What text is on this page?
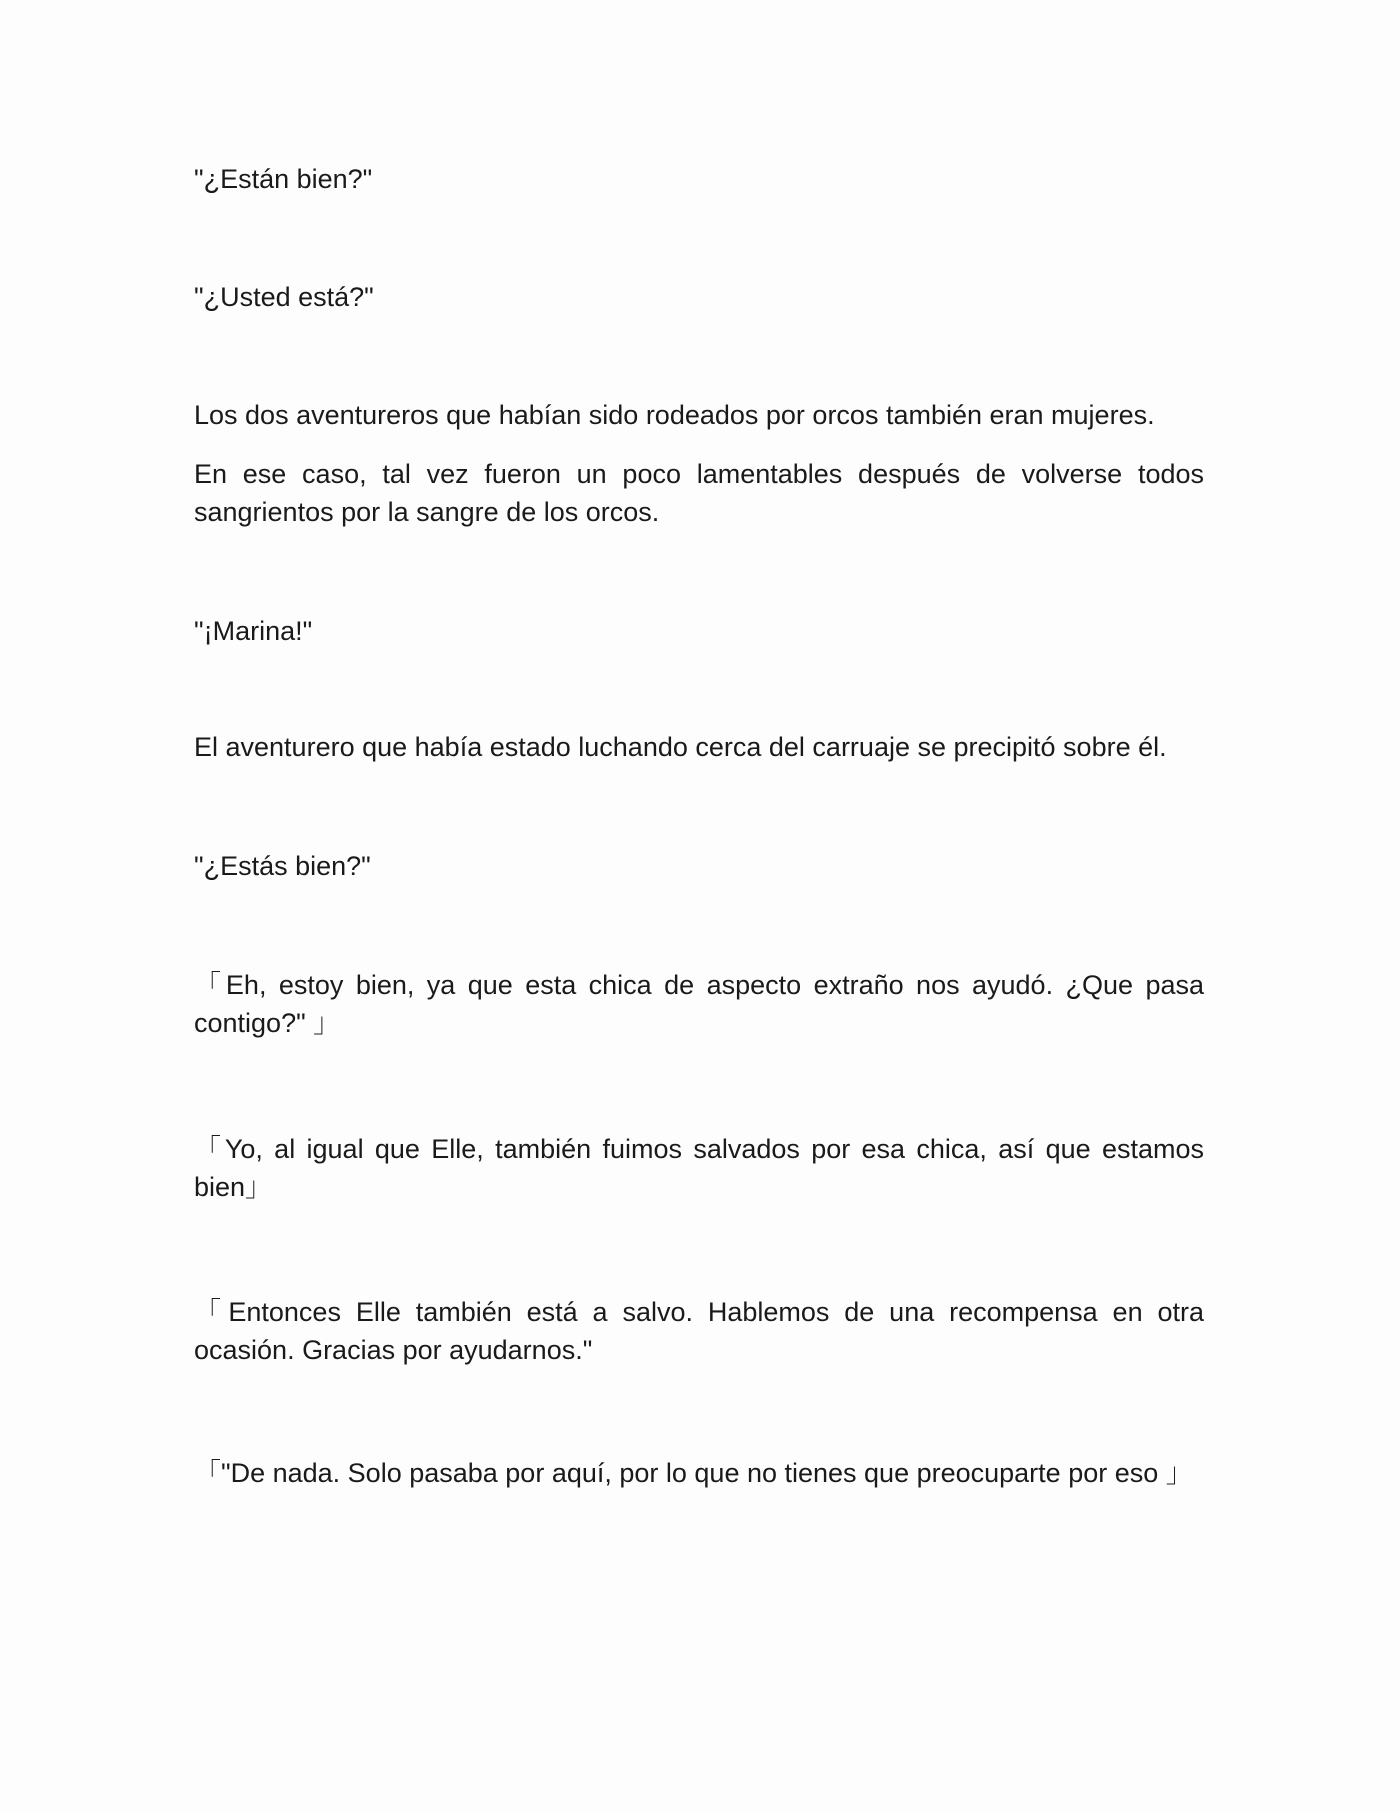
"¿Están bien?"

"¿Usted está?"

Los dos aventureros que habían sido rodeados por orcos también eran mujeres.

En ese caso, tal vez fueron un poco lamentables después de volverse todos sangrientos por la sangre de los orcos.

"¡Marina!"

El aventurero que había estado luchando cerca del carruaje se precipitó sobre él.

"¿Estás bien?"

「Eh, estoy bien, ya que esta chica de aspecto extraño nos ayudó. ¿Que pasa contigo?" 」

「Yo, al igual que Elle, también fuimos salvados por esa chica, así que estamos bien」

「Entonces Elle también está a salvo. Hablemos de una recompensa en otra ocasión. Gracias por ayudarnos."

「"De nada. Solo pasaba por aquí, por lo que no tienes que preocuparte por eso 」
